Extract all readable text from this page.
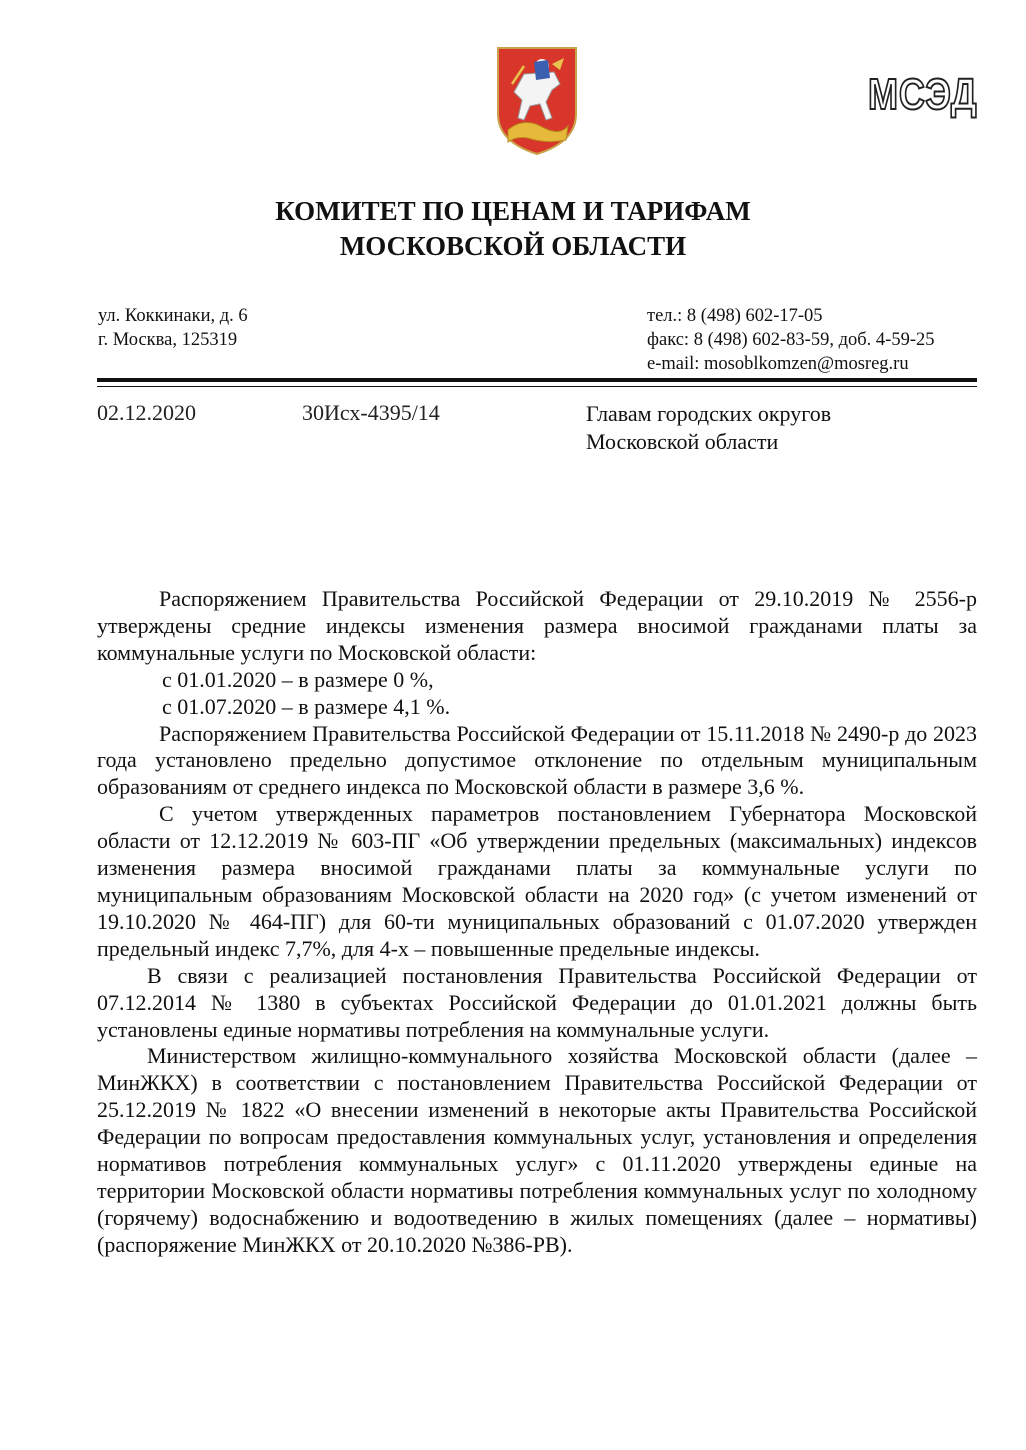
МСЭД
КОМИТЕТ ПО ЦЕНАМ И ТАРИФАМ
МОСКОВСКОЙ ОБЛАСТИ
ул. Коккинаки, д. 6
г. Москва, 125319
тел.: 8 (498) 602-17-05
факс: 8 (498) 602-83-59, доб. 4-59-25
e-mail: mosoblkomzen@mosreg.ru
02.12.2020	30Исх-4395/14	Главам городских округов
Московской области

Распоряжением Правительства Российской Федерации от 29.10.2019 № 2556-р утверждены средние индексы изменения размера вносимой гражданами платы за коммунальные услуги по Московской области:

с 01.01.2020 – в размере 0 %,

с 01.07.2020 – в размере 4,1 %.

Распоряжением Правительства Российской Федерации от 15.11.2018 № 2490-р до 2023 года установлено предельно допустимое отклонение по отдельным муниципальным образованиям от среднего индекса по Московской области в размере 3,6 %.

С учетом утвержденных параметров постановлением Губернатора Московской области от 12.12.2019 № 603-ПГ «Об утверждении предельных (максимальных) индексов изменения размера вносимой гражданами платы за коммунальные услуги по муниципальным образованиям Московской области на 2020 год» (с учетом изменений от 19.10.2020 № 464-ПГ) для 60-ти муниципальных образований с 01.07.2020 утвержден предельный индекс 7,7%, для 4-х – повышенные предельные индексы.

В связи с реализацией постановления Правительства Российской Федерации от 07.12.2014 № 1380 в субъектах Российской Федерации до 01.01.2021 должны быть установлены единые нормативы потребления на коммунальные услуги.

Министерством жилищно-коммунального хозяйства Московской области (далее – МинЖКХ) в соответствии с постановлением Правительства Российской Федерации от 25.12.2019 № 1822 «О внесении изменений в некоторые акты Правительства Российской Федерации по вопросам предоставления коммунальных услуг, установления и определения нормативов потребления коммунальных услуг» с 01.11.2020 утверждены единые на территории Московской области нормативы потребления коммунальных услуг по холодному (горячему) водоснабжению и водоотведению в жилых помещениях (далее – нормативы) (распоряжение МинЖКХ от 20.10.2020 №386-РВ).
